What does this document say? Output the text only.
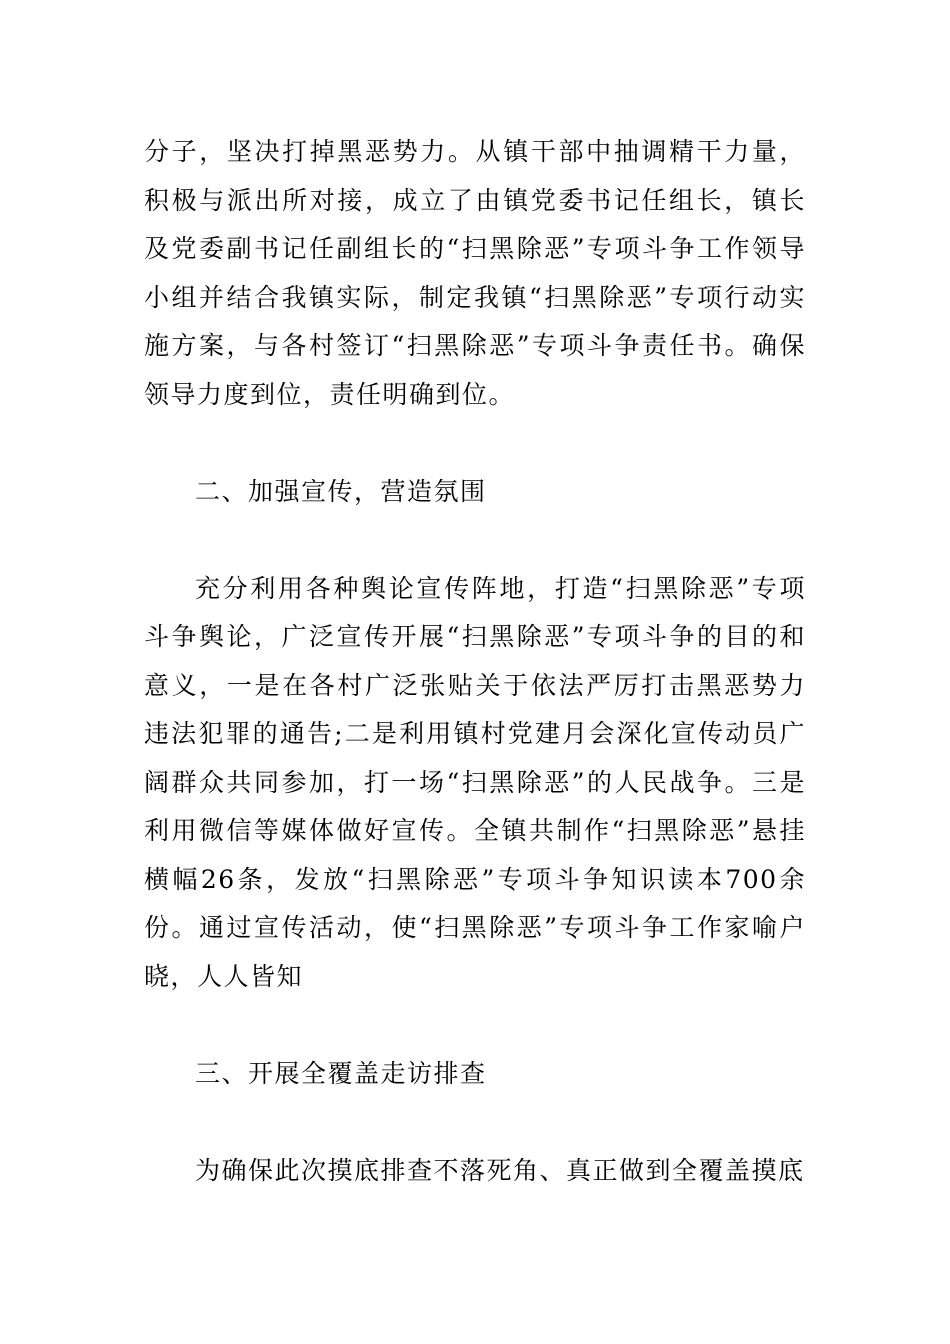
分子，坚决打掉黑恶势力。从镇干部中抽调精干力量，积极与派出所对接，成立了由镇党委书记任组长，镇长及党委副书记任副组长的“扫黑除恶”专项斗争工作领导小组并结合我镇实际，制定我镇“扫黑除恶”专项行动实施方案，与各村签订“扫黑除恶”专项斗争责任书。确保领导力度到位，责任明确到位。

二、加强宣传，营造氛围

充分利用各种舆论宣传阵地，打造“扫黑除恶”专项斗争舆论，广泛宣传开展“扫黑除恶”专项斗争的目的和意义，一是在各村广泛张贴关于依法严厉打击黑恶势力违法犯罪的通告;二是利用镇村党建月会深化宣传动员广阔群众共同参加，打一场“扫黑除恶”的人民战争。三是利用微信等媒体做好宣传。全镇共制作“扫黑除恶”悬挂横幅26条，发放“扫黑除恶”专项斗争知识读本700余份。通过宣传活动，使“扫黑除恶”专项斗争工作家喻户晓，人人皆知

三、开展全覆盖走访排查

为确保此次摸底排查不落死角、真正做到全覆盖摸底
